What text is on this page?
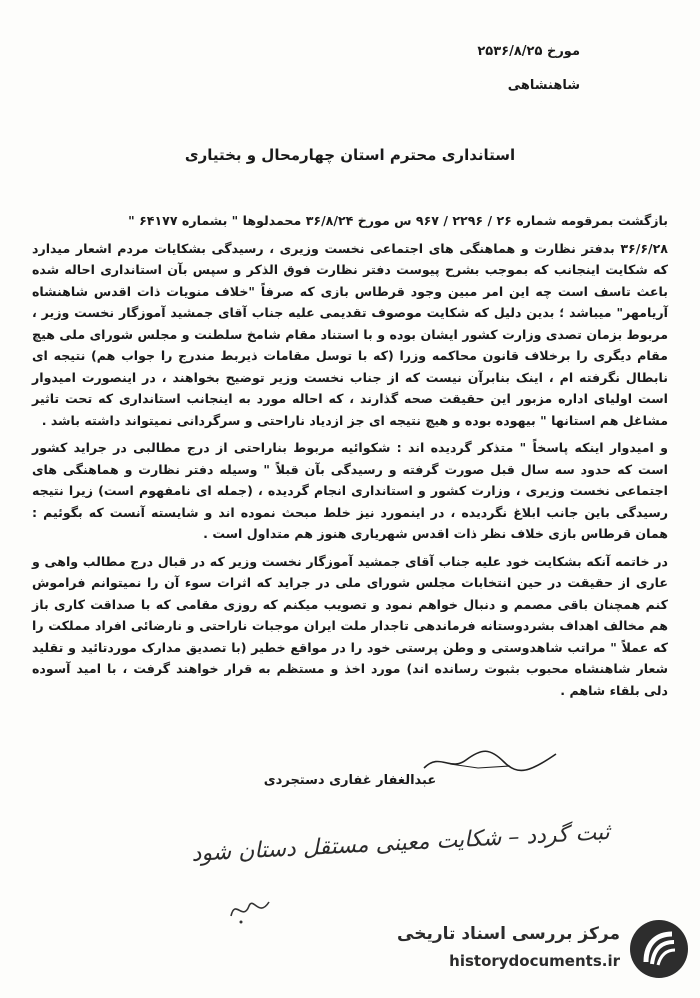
مورخ ۲۵۳۶/۸/۲۵
شاهنشاهی
استانداری محترم استان چهارمحال و بختیاری

بازگشت بمرقومه شماره ۲۶ / ۲۲۹۶ / ۹۶۷ س مورخ ۳۶/۸/۲۴ محمدلوها " بشماره ۶۴۱۷۷ "

۳۶/۶/۲۸ بدفتر نظارت و هماهنگی های اجتماعی نخست وزیری ، رسیدگی بشکایات مردم اشعار میدارد که شکایت اینجانب که بموجب بشرح پیوست دفتر نظارت فوق الذکر و سپس بآن استانداری احاله شده باعث تاسف است چه این امر مبین وجود قرطاس بازی که صرفاً "خلاف منویات ذات اقدس شاهنشاه آریامهر" میباشد ؛ بدین دلیل که شکایت موصوف تقدیمی علیه جناب آقای جمشید آموزگار نخست وزیر ، مربوط بزمان تصدی وزارت کشور ایشان بوده و با استناد مقام شامخ سلطنت و مجلس شورای ملی هیچ مقام دیگری را برخلاف قانون محاکمه وزرا (که با توسل مقامات ذیربط مندرج را جواب هم) نتیجه ای نابطال نگرفته ام ، اینک بنابرآن نیست که از جناب نخست وزیر توضیح بخواهند ، در اینصورت امیدوار است اولیای اداره مزبور این حقیقت صحه گذارند ، که احاله مورد به اینجانب استانداری که تحت تاثیر مشاغل هم استانها " بیهوده بوده و هیچ نتیجه ای جز ازدیاد ناراحتی و سرگردانی نمیتواند داشته باشد .

و امیدوار اینکه پاسخاً " متذکر گردیده اند : شکوائیه مربوط بناراحتی از درج مطالبی در جراید کشور است که حدود سه سال قبل صورت گرفته و رسیدگی بآن قبلاً " وسیله دفتر نظارت و هماهنگی های اجتماعی نخست وزیری ، وزارت کشور و استانداری انجام گردیده ، (جمله ای نامفهوم است) زیرا نتیجه رسیدگی باین جانب ابلاغ نگردیده ، در اینمورد نیز خلط مبحث نموده اند و شایسته آنست که بگوئیم : همان قرطاس بازی خلاف نظر ذات اقدس شهریاری هنوز هم متداول است .

در خاتمه آنکه بشکایت خود علیه جناب آقای جمشید آموزگار نخست وزیر که در قبال درج مطالب واهی و عاری از حقیقت در حین انتخابات مجلس شورای ملی در جراید که اثرات سوء آن را نمیتوانم فراموش کنم همچنان باقی مصمم و دنبال خواهم نمود و تصویب میکنم که روزی مقامی که با صداقت کاری باز هم مخالف اهداف بشردوستانه فرماندهی تاجدار ملت ایران موجبات ناراحتی و نارضائی افراد مملکت را که عملاً " مراتب شاهدوستی و وطن پرستی خود را در مواقع خطیر (با تصدیق مدارک موردتائید و تقلید شعار شاهنشاه محبوب بثبوت رسانده اند) مورد اخذ و مستظم به قرار خواهند گرفت ، با امید آسوده دلی بلقاء شاهم .

عبدالغفار غفاری دستجردی
ثبت گردد – شکایت معینی مستقل دستان شود
مرکز بررسی اسناد تاریخی
historydocuments.ir
